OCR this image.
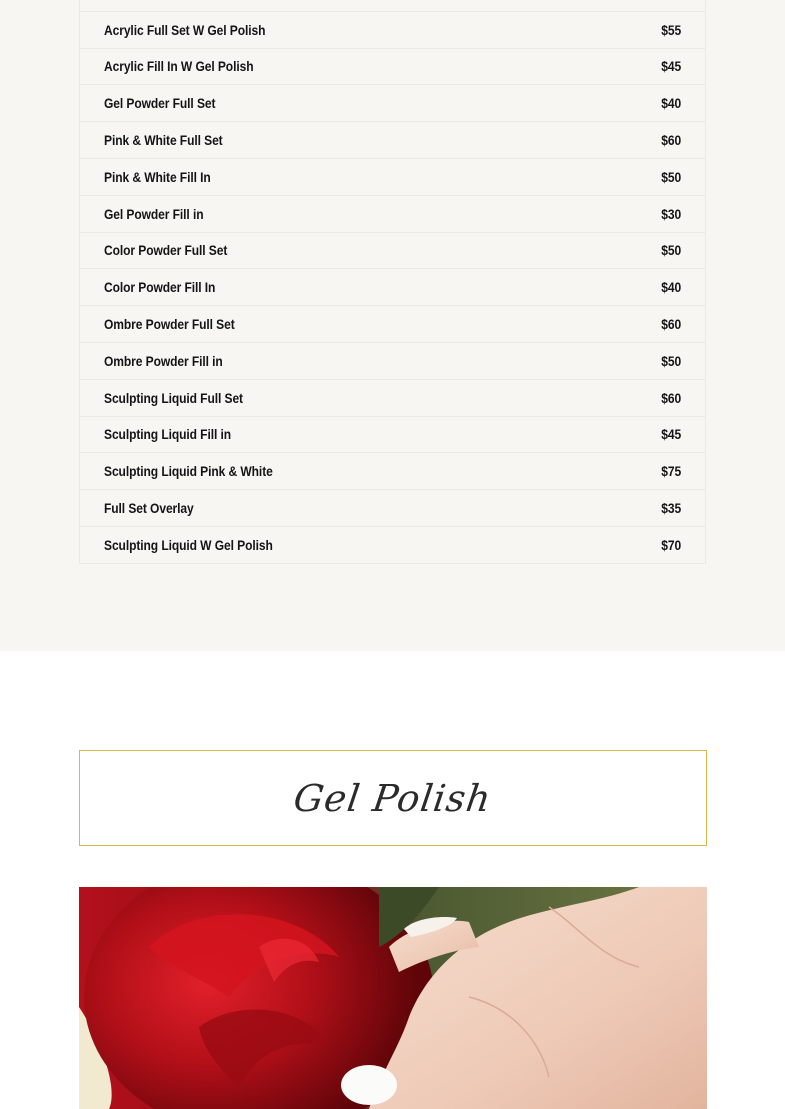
Acrylic Full Set W Gel Polish	$55
Acrylic Fill In W Gel Polish	$45
Gel Powder Full Set	$40
Pink & White Full Set	$60
Pink & White Fill In	$50
Gel Powder Fill in	$30
Color Powder Full Set	$50
Color Powder Fill In	$40
Ombre Powder Full Set	$60
Ombre Powder Fill in	$50
Sculpting Liquid Full Set	$60
Sculpting Liquid Fill in	$45
Sculpting Liquid Pink & White	$75
Full Set Overlay	$35
Sculpting Liquid W Gel Polish	$70
Gel Polish
